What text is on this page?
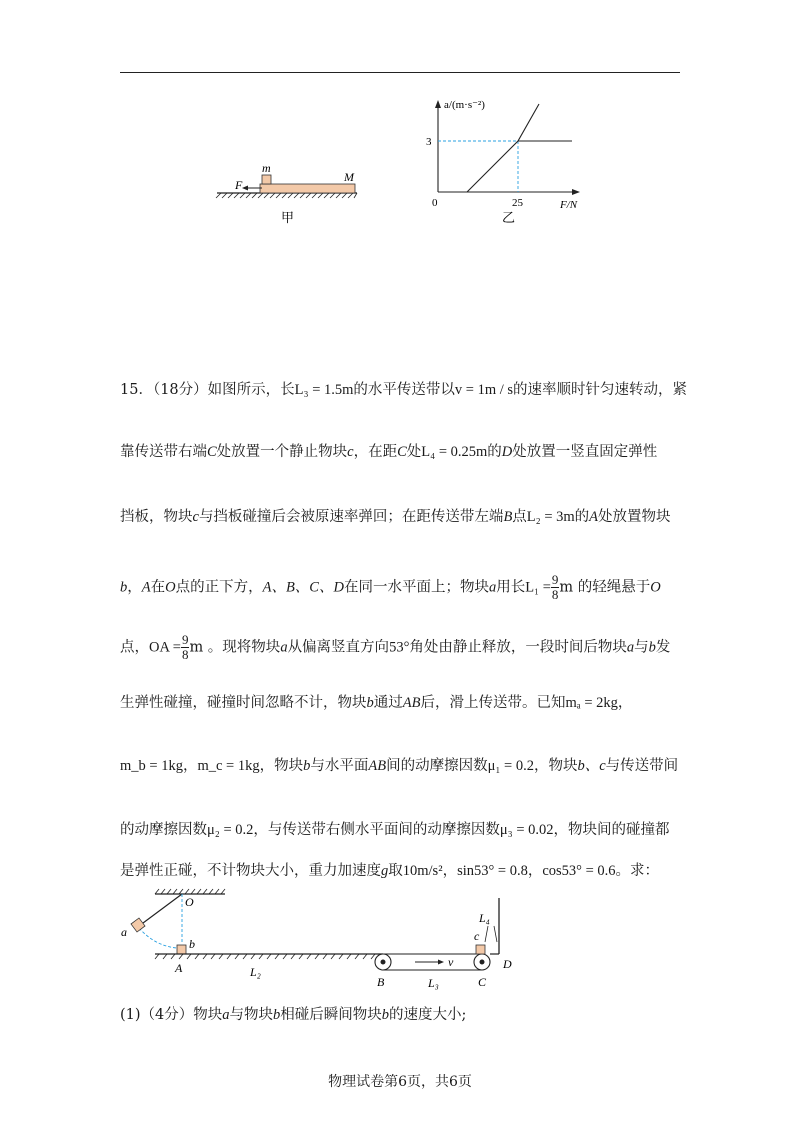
m
M
F
甲
a/(m·s⁻²)
3
0	25	F/N
乙
15．（18分）如图所示，长L₃ = 1.5m的水平传送带以v = 1m / s的速率顺时针匀速转动，紧
靠传送带右端C处放置一个静止物块c，在距C处L₄ = 0.25m的D处放置一竖直固定弹性
挡板，物块c与挡板碰撞后会被原速率弹回；在距传送带左端B点L₂ = 3m的A处放置物块
b，A在O点的正下方，A、B、C、D在同一水平面上；物块a用长$L_1 = \frac{9}{8}$ m 的轻绳悬于O
点，OA = $\frac{9}{8}$ m 。现将物块a从偏离竖直方向53°角处由静止释放，一段时间后物块a与b发
生弹性碰撞，碰撞时间忽略不计，物块b通过AB后，滑上传送带。已知mₐ = 2kg，
m_b = 1kg，m_c = 1kg，物块b与水平面AB间的动摩擦因数μ₁ = 0.2，物块b、c与传送带间
的动摩擦因数μ₂ = 0.2，与传送带右侧水平面间的动摩擦因数μ₃ = 0.02，物块间的碰撞都
是弹性正碰，不计物块大小，重力加速度g取10m/s²，sin53° = 0.8，cos53° = 0.6。求：
O
a
b
A	L₂
B
v
L₃	C
c
L₄
D
(1)（4分）物块a与物块b相碰后瞬间物块b的速度大小;
物理试卷第6页，共6页
